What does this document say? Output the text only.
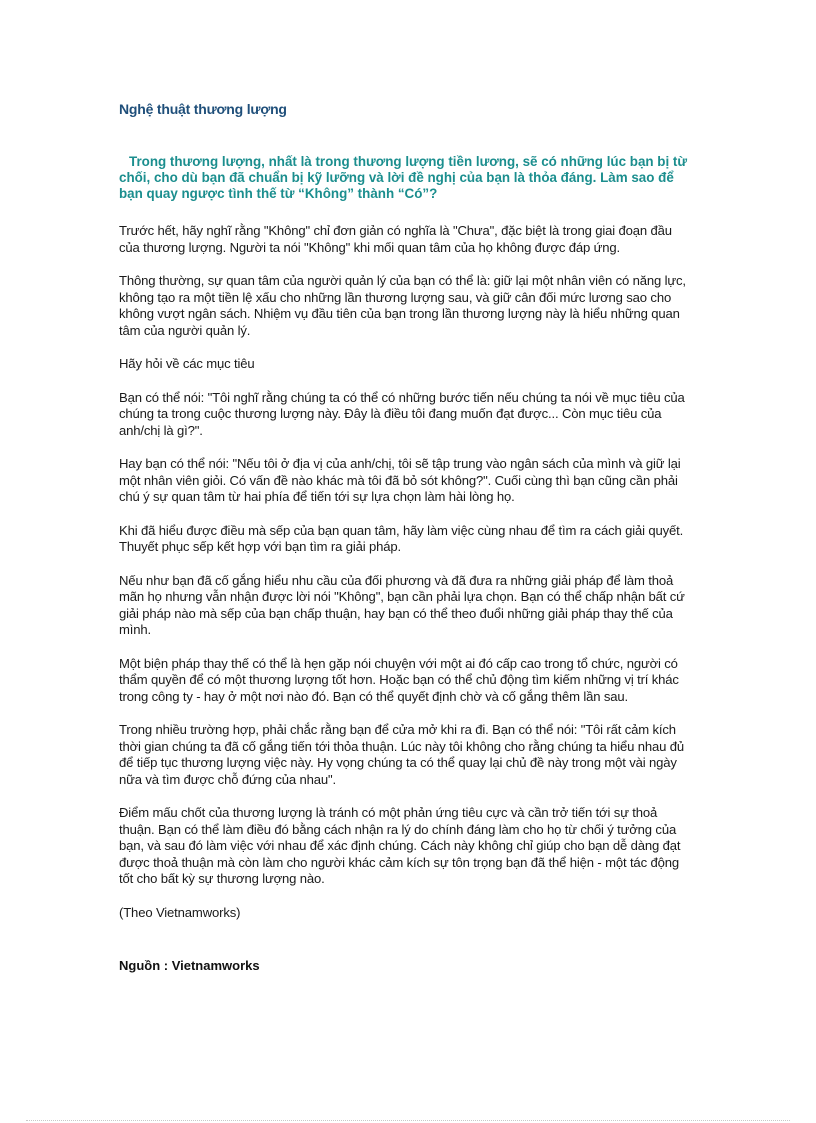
Nghệ thuật thương lượng
Trong thương lượng, nhất là trong thương lượng tiền lương, sẽ có những lúc bạn bị từ chối, cho dù bạn đã chuẩn bị kỹ lưỡng và lời đề nghị của bạn là thỏa đáng. Làm sao để bạn quay ngược tình thế từ “Không” thành “Có”?

Trước hết, hãy nghĩ rằng "Không" chỉ đơn giản có nghĩa là "Chưa", đặc biệt là trong giai đoạn đầu của thương lượng. Người ta nói "Không" khi mối quan tâm của họ không được đáp ứng.

Thông thường, sự quan tâm của người quản lý của bạn có thể là: giữ lại một nhân viên có năng lực, không tạo ra một tiền lệ xấu cho những lần thương lượng sau, và giữ cân đối mức lương sao cho không vượt ngân sách. Nhiệm vụ đầu tiên của bạn trong lần thương lượng này là hiểu những quan tâm của người quản lý.

Hãy hỏi về các mục tiêu

Bạn có thể nói: "Tôi nghĩ rằng chúng ta có thể có những bước tiến nếu chúng ta nói về mục tiêu của chúng ta trong cuộc thương lượng này. Đây là điều tôi đang muốn đạt được... Còn mục tiêu của anh/chị là gì?".

Hay bạn có thể nói: "Nếu tôi ở địa vị của anh/chị, tôi sẽ tập trung vào ngân sách của mình và giữ lại một nhân viên giỏi. Có vấn đề nào khác mà tôi đã bỏ sót không?". Cuối cùng thì bạn cũng cần phải chú ý sự quan tâm từ hai phía để tiến tới sự lựa chọn làm hài lòng họ.

Khi đã hiểu được điều mà sếp của bạn quan tâm, hãy làm việc cùng nhau để tìm ra cách giải quyết. Thuyết phục sếp kết hợp với bạn tìm ra giải pháp.

Nếu như bạn đã cố gắng hiểu nhu cầu của đối phương và đã đưa ra những giải pháp để làm thoả mãn họ nhưng vẫn nhận được lời nói "Không", bạn cần phải lựa chọn. Bạn có thể chấp nhận bất cứ giải pháp nào mà sếp của bạn chấp thuận, hay bạn có thể theo đuổi những giải pháp thay thế của mình.

Một biện pháp thay thế có thể là hẹn gặp nói chuyện với một ai đó cấp cao trong tổ chức, người có thẩm quyền để có một thương lượng tốt hơn. Hoặc bạn có thể chủ động tìm kiếm những vị trí khác trong công ty - hay ở một nơi nào đó. Bạn có thể quyết định chờ và cố gắng thêm lần sau.

Trong nhiều trường hợp, phải chắc rằng bạn để cửa mở khi ra đi. Bạn có thể nói: "Tôi rất cảm kích thời gian chúng ta đã cố gắng tiến tới thỏa thuận. Lúc này tôi không cho rằng chúng ta hiểu nhau đủ để tiếp tục thương lượng việc này. Hy vọng chúng ta có thể quay lại chủ đề này trong một vài ngày nữa và tìm được chỗ đứng của nhau".

Điểm mấu chốt của thương lượng là tránh có một phản ứng tiêu cực và cần trở tiến tới sự thoả thuận. Bạn có thể làm điều đó bằng cách nhận ra lý do chính đáng làm cho họ từ chối ý tưởng của bạn, và sau đó làm việc với nhau để xác định chúng. Cách này không chỉ giúp cho bạn dễ dàng đạt được thoả thuận mà còn làm cho người khác cảm kích sự tôn trọng bạn đã thể hiện - một tác động tốt cho bất kỳ sự thương lượng nào.

(Theo Vietnamworks)

Nguồn : Vietnamworks
